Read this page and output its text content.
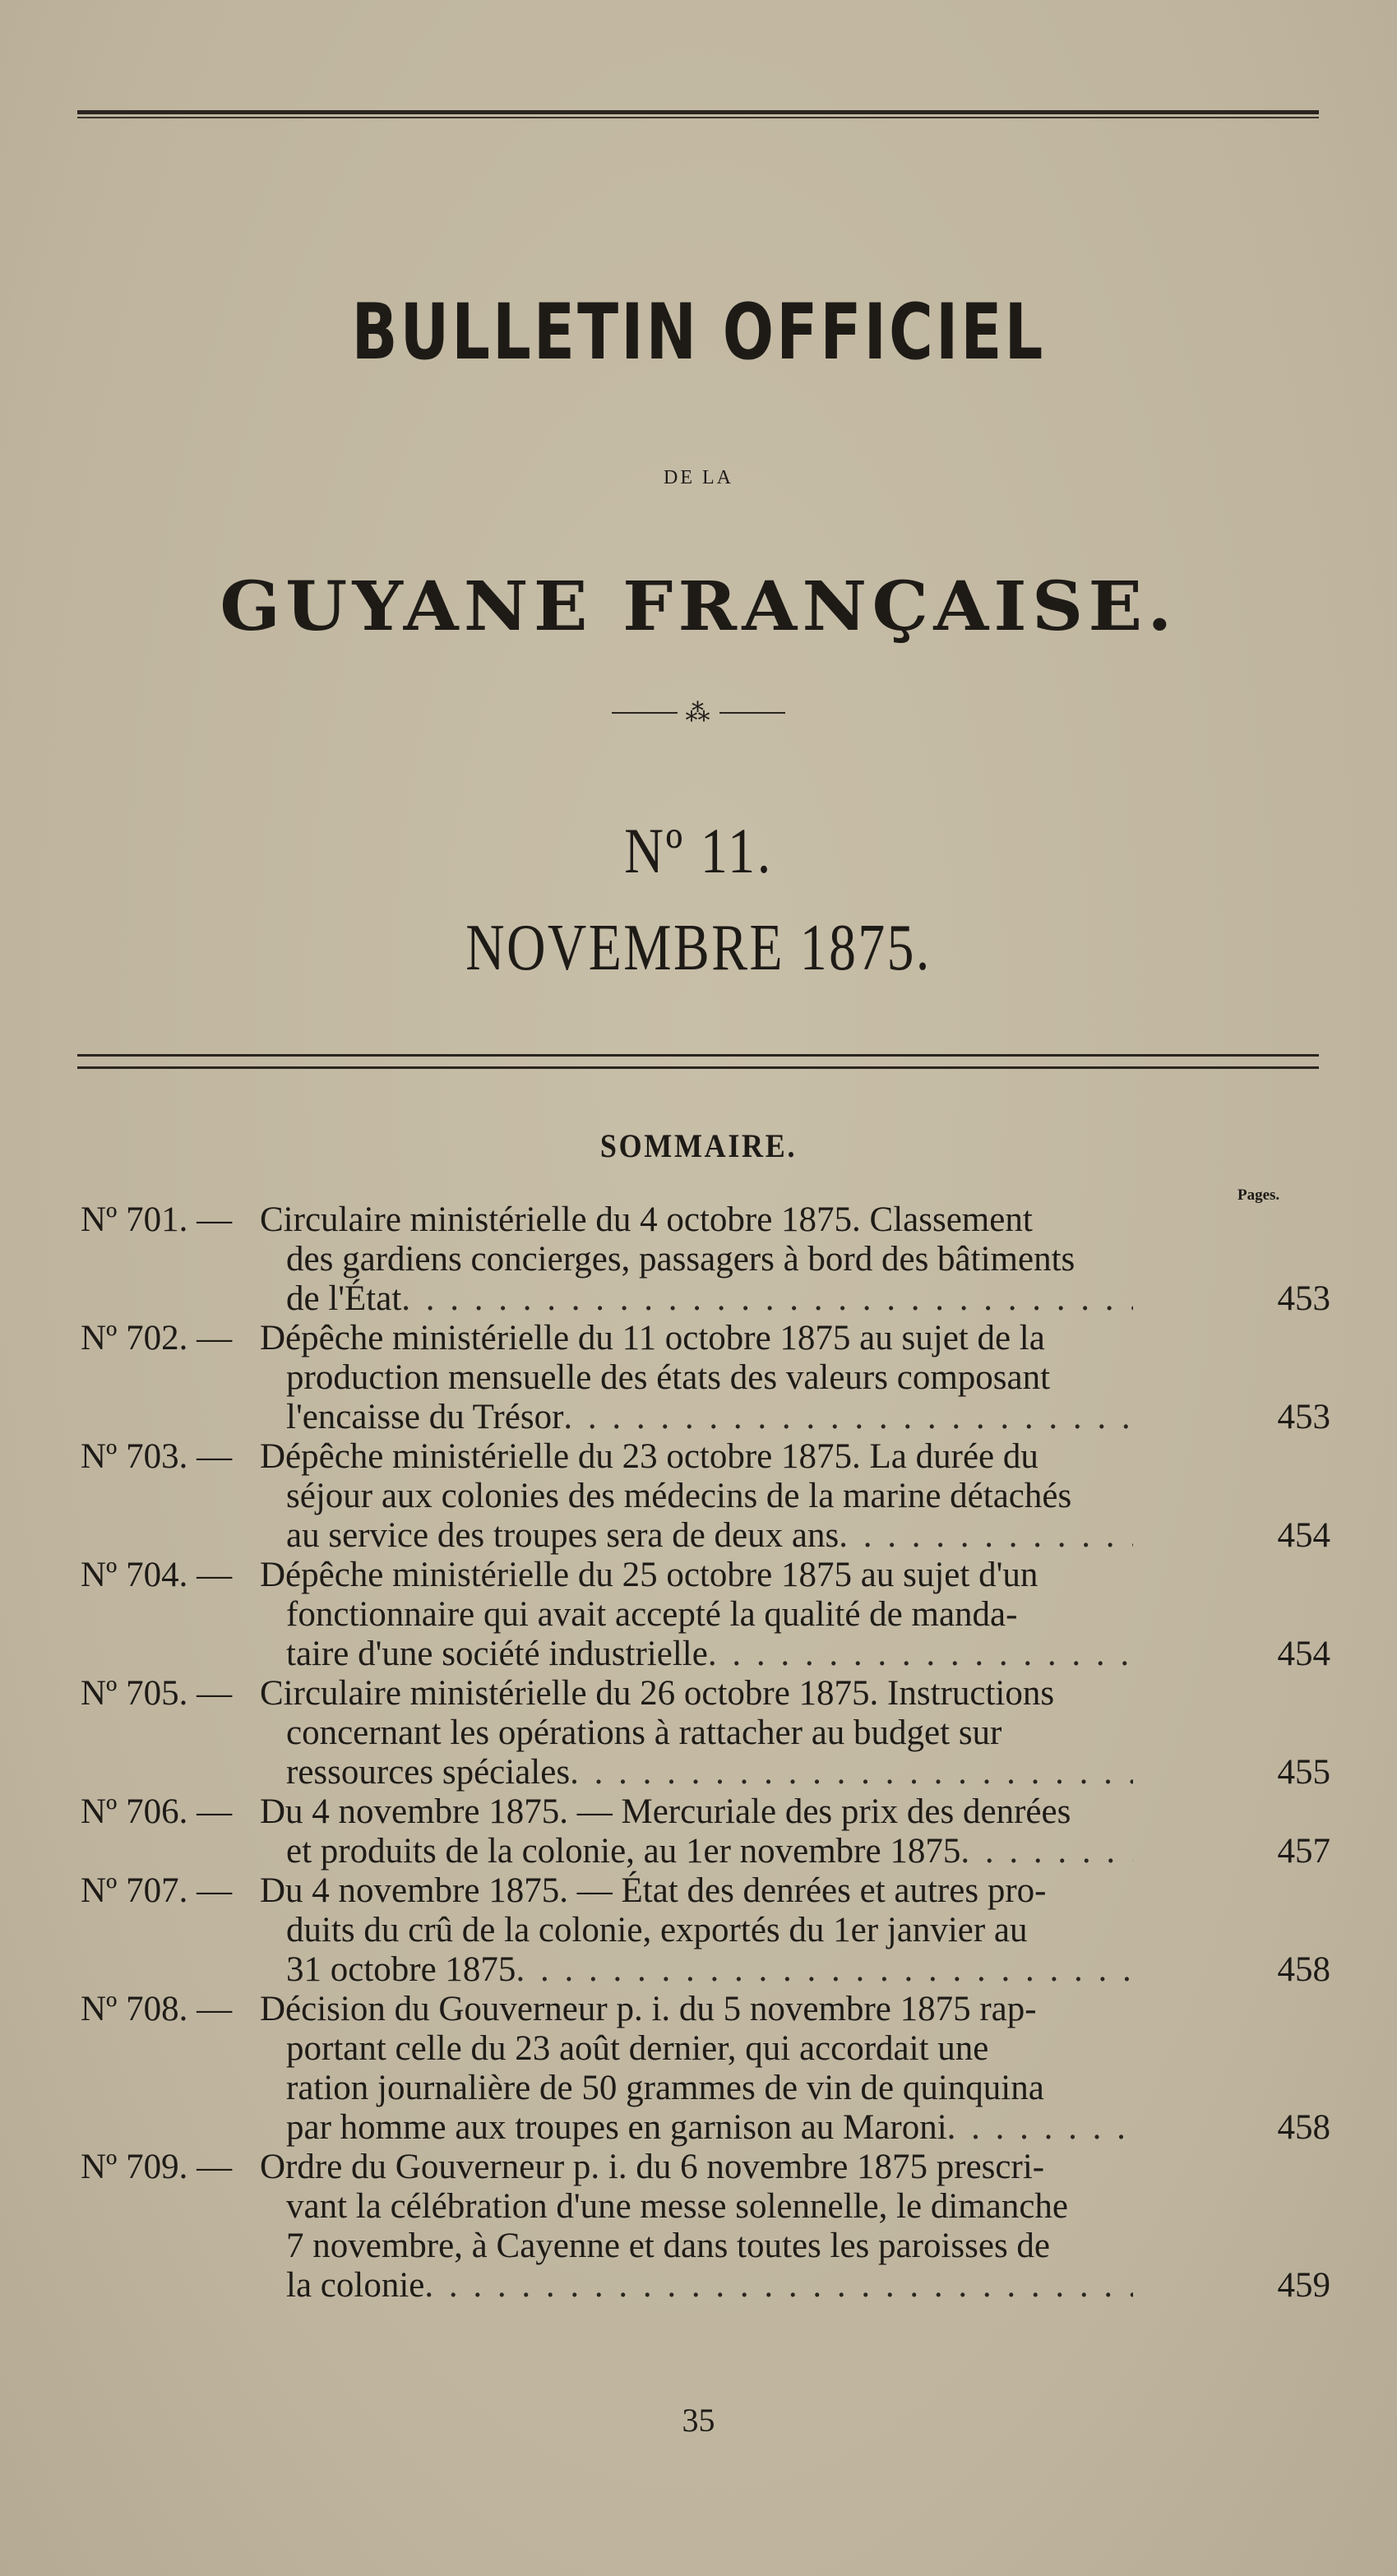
BULLETIN OFFICIEL
DE LA
GUYANE FRANÇAISE.
⁂
Nº 11.
NOVEMBRE 1875.
SOMMAIRE.
Pages.
Nº 701. — Circulaire ministérielle du 4 octobre 1875. Classement
des gardiens concierges, passagers à bord des bâtiments
de l'État . . .	453
Nº 702. — Dépêche ministérielle du 11 octobre 1875 au sujet de la
production mensuelle des états des valeurs composant
l'encaisse du Trésor . . .	453
Nº 703. — Dépêche ministérielle du 23 octobre 1875. La durée du
séjour aux colonies des médecins de la marine détachés
au service des troupes sera de deux ans . . .	454
Nº 704. — Dépêche ministérielle du 25 octobre 1875 au sujet d'un
fonctionnaire qui avait accepté la qualité de manda-
taire d'une société industrielle . . .	454
Nº 705. — Circulaire ministérielle du 26 octobre 1875. Instructions
concernant les opérations à rattacher au budget sur
ressources spéciales . . .	455
Nº 706. — Du 4 novembre 1875. — Mercuriale des prix des denrées
et produits de la colonie, au 1er novembre 1875 . . .	457
Nº 707. — Du 4 novembre 1875. — État des denrées et autres pro-
duits du crû de la colonie, exportés du 1er janvier au
31 octobre 1875 . . .	458
Nº 708. — Décision du Gouverneur p. i. du 5 novembre 1875 rap-
portant celle du 23 août dernier, qui accordait une
ration journalière de 50 grammes de vin de quinquina
par homme aux troupes en garnison au Maroni . . .	458
Nº 709. — Ordre du Gouverneur p. i. du 6 novembre 1875 prescri-
vant la célébration d'une messe solennelle, le dimanche
7 novembre, à Cayenne et dans toutes les paroisses de
la colonie . . .	459
35
